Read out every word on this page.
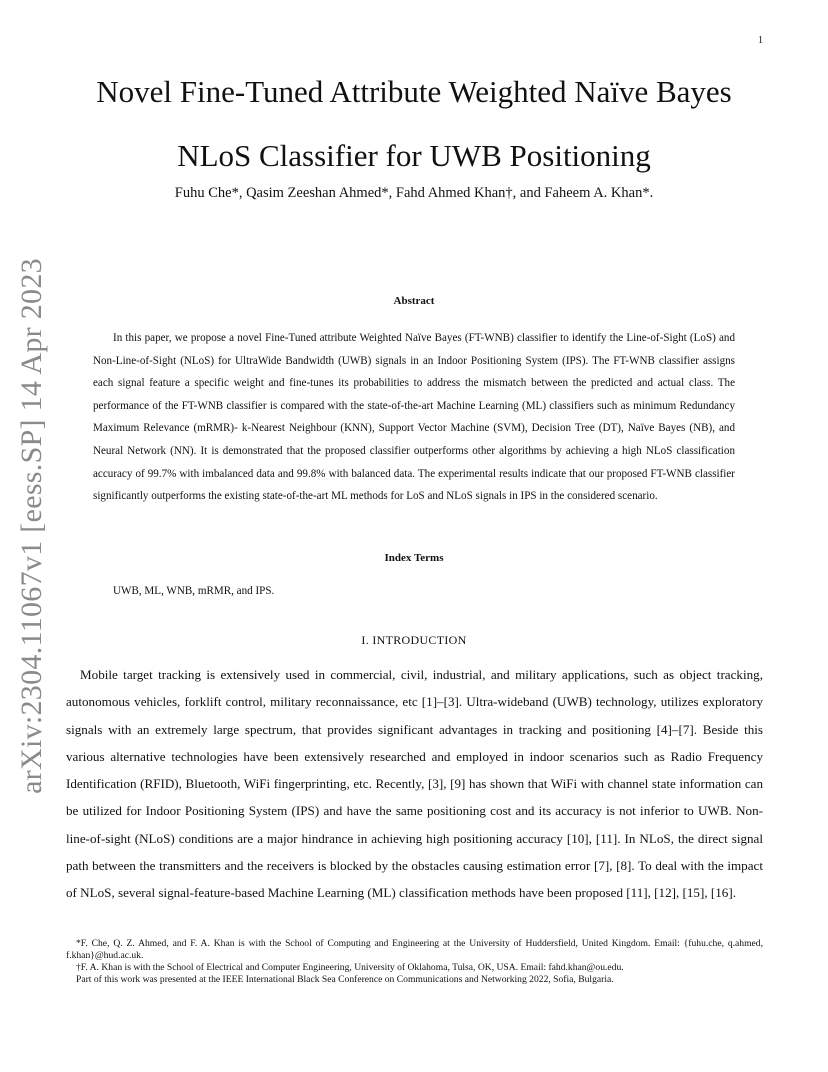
1
arXiv:2304.11067v1 [eess.SP] 14 Apr 2023
Novel Fine-Tuned Attribute Weighted Naïve Bayes
NLoS Classifier for UWB Positioning
Fuhu Che*, Qasim Zeeshan Ahmed*, Fahd Ahmed Khan†, and Faheem A. Khan*.
Abstract

In this paper, we propose a novel Fine-Tuned attribute Weighted Naïve Bayes (FT-WNB) classifier to identify the Line-of-Sight (LoS) and Non-Line-of-Sight (NLoS) for UltraWide Bandwidth (UWB) signals in an Indoor Positioning System (IPS). The FT-WNB classifier assigns each signal feature a specific weight and fine-tunes its probabilities to address the mismatch between the predicted and actual class. The performance of the FT-WNB classifier is compared with the state-of-the-art Machine Learning (ML) classifiers such as minimum Redundancy Maximum Relevance (mRMR)- k-Nearest Neighbour (KNN), Support Vector Machine (SVM), Decision Tree (DT), Naïve Bayes (NB), and Neural Network (NN). It is demonstrated that the proposed classifier outperforms other algorithms by achieving a high NLoS classification accuracy of 99.7% with imbalanced data and 99.8% with balanced data. The experimental results indicate that our proposed FT-WNB classifier significantly outperforms the existing state-of-the-art ML methods for LoS and NLoS signals in IPS in the considered scenario.

Index Terms
UWB, ML, WNB, mRMR, and IPS.
I. INTRODUCTION

Mobile target tracking is extensively used in commercial, civil, industrial, and military applications, such as object tracking, autonomous vehicles, forklift control, military reconnaissance, etc [1]–[3]. Ultra-wideband (UWB) technology, utilizes exploratory signals with an extremely large spectrum, that provides significant advantages in tracking and positioning [4]–[7]. Beside this various alternative technologies have been extensively researched and employed in indoor scenarios such as Radio Frequency Identification (RFID), Bluetooth, WiFi fingerprinting, etc. Recently, [3], [9] has shown that WiFi with channel state information can be utilized for Indoor Positioning System (IPS) and have the same positioning cost and its accuracy is not inferior to UWB. Non-line-of-sight (NLoS) conditions are a major hindrance in achieving high positioning accuracy [10], [11]. In NLoS, the direct signal path between the transmitters and the receivers is blocked by the obstacles causing estimation error [7], [8]. To deal with the impact of NLoS, several signal-feature-based Machine Learning (ML) classification methods have been proposed [11], [12], [15], [16].

*F. Che, Q. Z. Ahmed, and F. A. Khan is with the School of Computing and Engineering at the University of Huddersfield, United Kingdom. Email: {fuhu.che, q.ahmed, f.khan}@hud.ac.uk.
†F. A. Khan is with the School of Electrical and Computer Engineering, University of Oklahoma, Tulsa, OK, USA. Email: fahd.khan@ou.edu.
Part of this work was presented at the IEEE International Black Sea Conference on Communications and Networking 2022, Sofia, Bulgaria.
